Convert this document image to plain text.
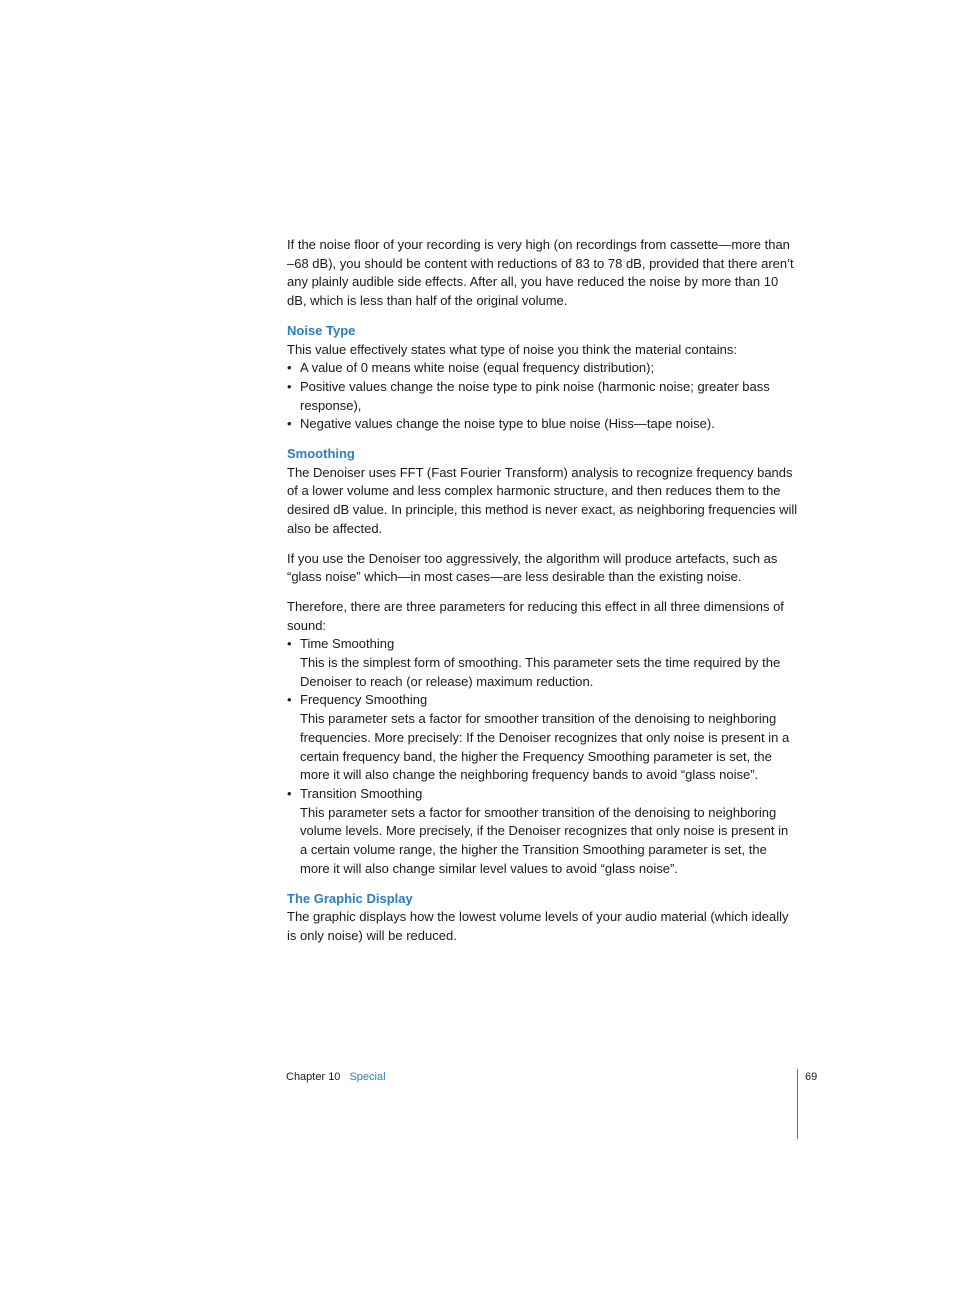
If the noise floor of your recording is very high (on recordings from cassette—more than –68 dB), you should be content with reductions of 83 to 78 dB, provided that there aren’t any plainly audible side effects. After all, you have reduced the noise by more than 10 dB, which is less than half of the original volume.

Noise Type

This value effectively states what type of noise you think the material contains:

• A value of 0 means white noise (equal frequency distribution);
• Positive values change the noise type to pink noise (harmonic noise; greater bass response),
• Negative values change the noise type to blue noise (Hiss—tape noise).
Smoothing

The Denoiser uses FFT (Fast Fourier Transform) analysis to recognize frequency bands of a lower volume and less complex harmonic structure, and then reduces them to the desired dB value. In principle, this method is never exact, as neighboring frequencies will also be affected.

If you use the Denoiser too aggressively, the algorithm will produce artefacts, such as “glass noise” which—in most cases—are less desirable than the existing noise.

Therefore, there are three parameters for reducing this effect in all three dimensions of sound:

• Time Smoothing
This is the simplest form of smoothing. This parameter sets the time required by the Denoiser to reach (or release) maximum reduction.
• Frequency Smoothing
This parameter sets a factor for smoother transition of the denoising to neighboring frequencies. More precisely: If the Denoiser recognizes that only noise is present in a certain frequency band, the higher the Frequency Smoothing parameter is set, the more it will also change the neighboring frequency bands to avoid “glass noise”.
• Transition Smoothing
This parameter sets a factor for smoother transition of the denoising to neighboring volume levels. More precisely, if the Denoiser recognizes that only noise is present in a certain volume range, the higher the Transition Smoothing parameter is set, the more it will also change similar level values to avoid “glass noise”.
The Graphic Display

The graphic displays how the lowest volume levels of your audio material (which ideally is only noise) will be reduced.

Chapter 10 Special	69
